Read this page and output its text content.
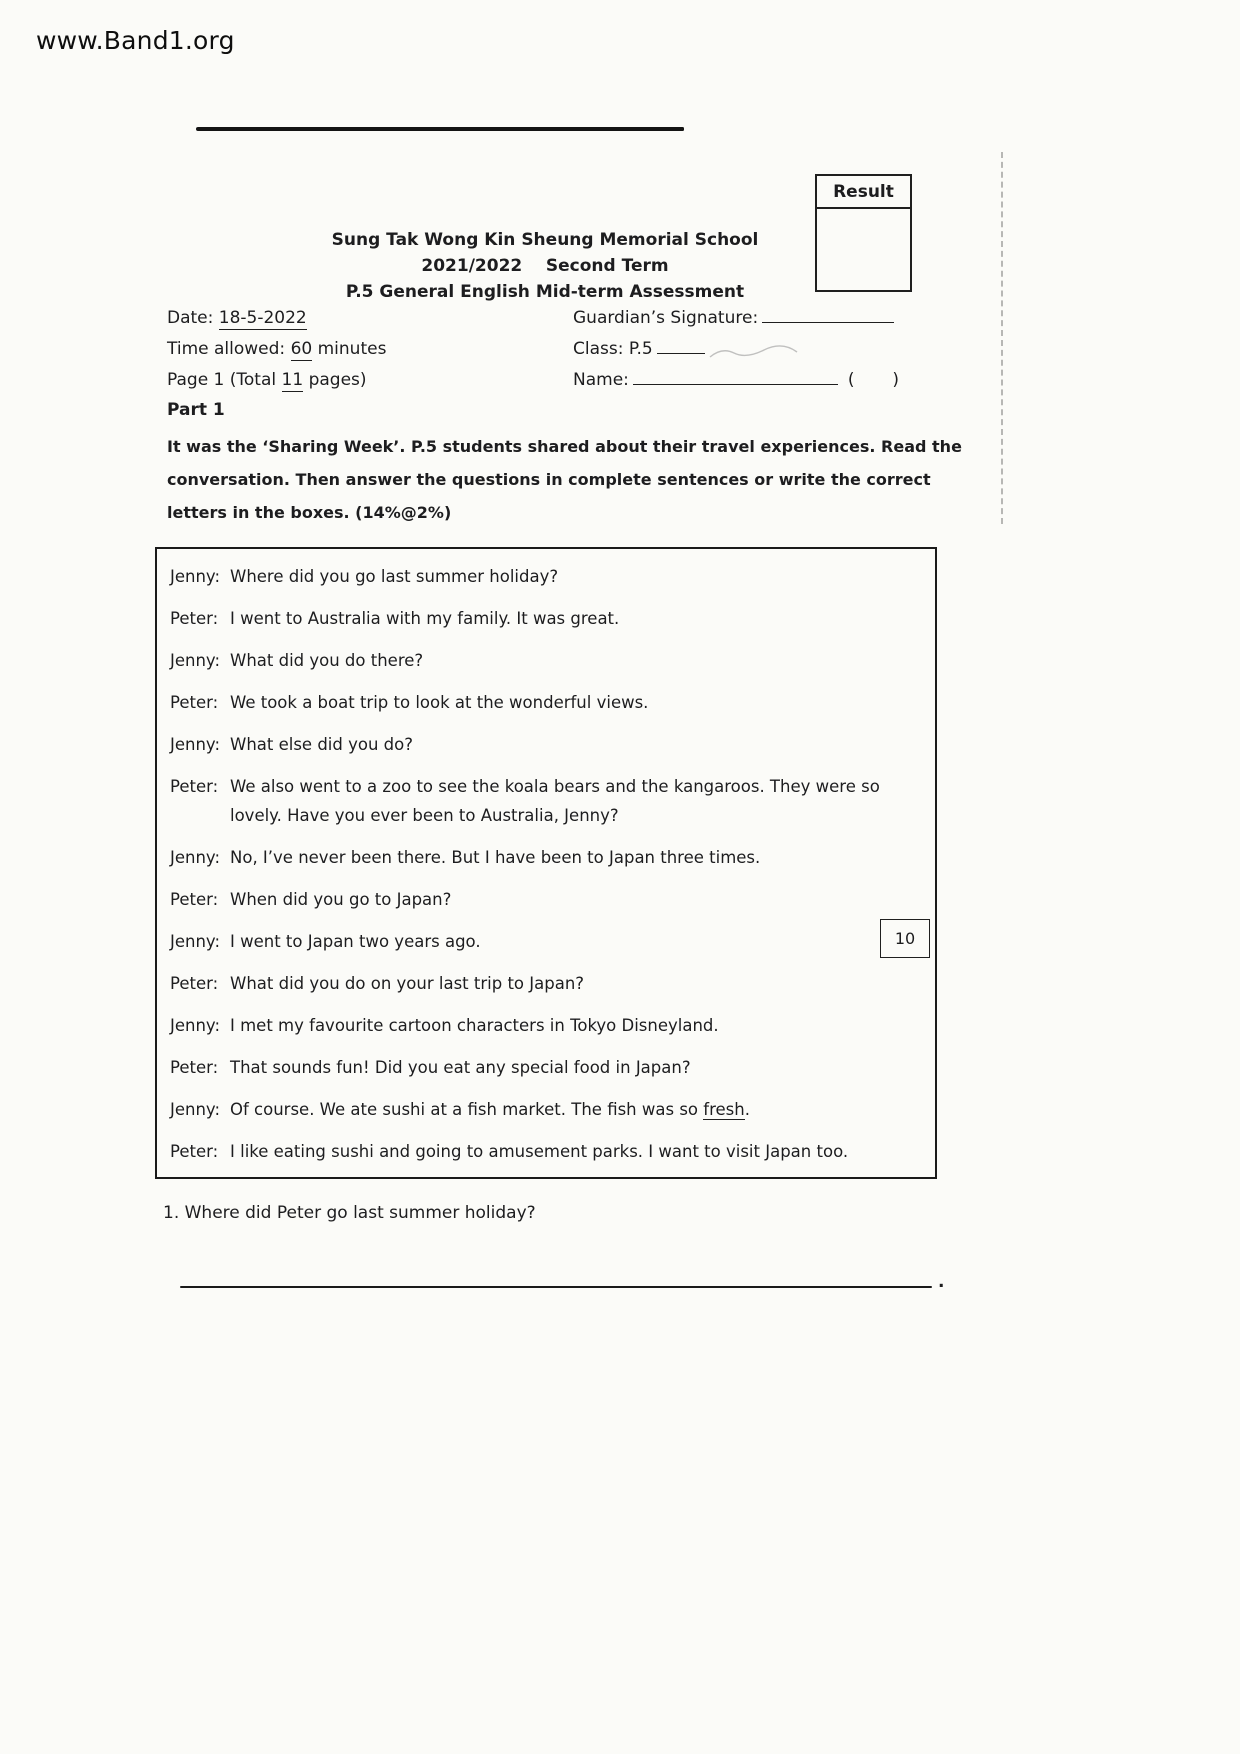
www.Band1.org
Result
Sung Tak Wong Kin Sheung Memorial School
2021/2022    Second Term
P.5 General English Mid-term Assessment
Date: 18-5-2022
Time allowed: 60 minutes
Page 1 (Total 11 pages)
Guardian’s Signature:
Class: P.5
Name:	(       )
Part 1
It was the ‘Sharing Week’. P.5 students shared about their travel experiences. Read the conversation. Then answer the questions in complete sentences or write the correct letters in the boxes. (14%@2%)
Jenny: Where did you go last summer holiday?
Peter: I went to Australia with my family. It was great.
Jenny: What did you do there?
Peter: We took a boat trip to look at the wonderful views.
Jenny: What else did you do?
Peter: We also went to a zoo to see the koala bears and the kangaroos. They were so lovely. Have you ever been to Australia, Jenny?
Jenny: No, I’ve never been there. But I have been to Japan three times.
Peter: When did you go to Japan?
Jenny: I went to Japan two years ago.
Peter: What did you do on your last trip to Japan?
Jenny: I met my favourite cartoon characters in Tokyo Disneyland.
Peter: That sounds fun! Did you eat any special food in Japan?
Jenny: Of course. We ate sushi at a fish market. The fish was so fresh.
Peter: I like eating sushi and going to amusement parks. I want to visit Japan too.
10
1. Where did Peter go last summer holiday?
.
